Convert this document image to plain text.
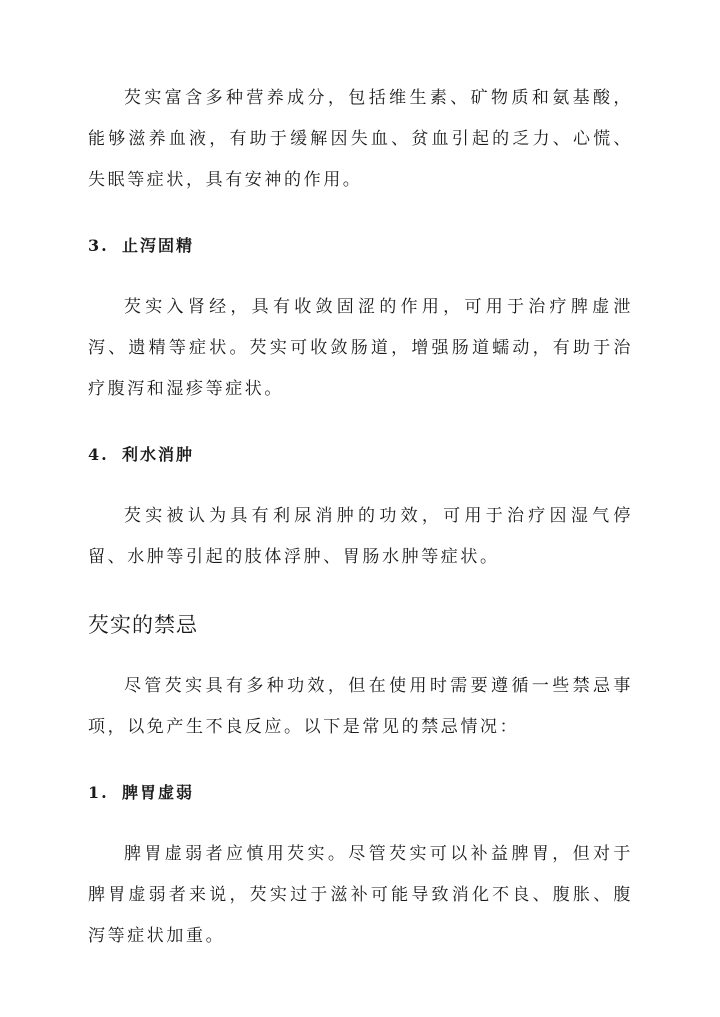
芡实富含多种营养成分，包括维生素、矿物质和氨基酸，能够滋养血液，有助于缓解因失血、贫血引起的乏力、心慌、失眠等症状，具有安神的作用。

3. 止泻固精

芡实入肾经，具有收敛固涩的作用，可用于治疗脾虚泄泻、遗精等症状。芡实可收敛肠道，增强肠道蠕动，有助于治疗腹泻和湿疹等症状。

4. 利水消肿

芡实被认为具有利尿消肿的功效，可用于治疗因湿气停留、水肿等引起的肢体浮肿、胃肠水肿等症状。

芡实的禁忌

尽管芡实具有多种功效，但在使用时需要遵循一些禁忌事项，以免产生不良反应。以下是常见的禁忌情况：

1. 脾胃虚弱

脾胃虚弱者应慎用芡实。尽管芡实可以补益脾胃，但对于脾胃虚弱者来说，芡实过于滋补可能导致消化不良、腹胀、腹泻等症状加重。
